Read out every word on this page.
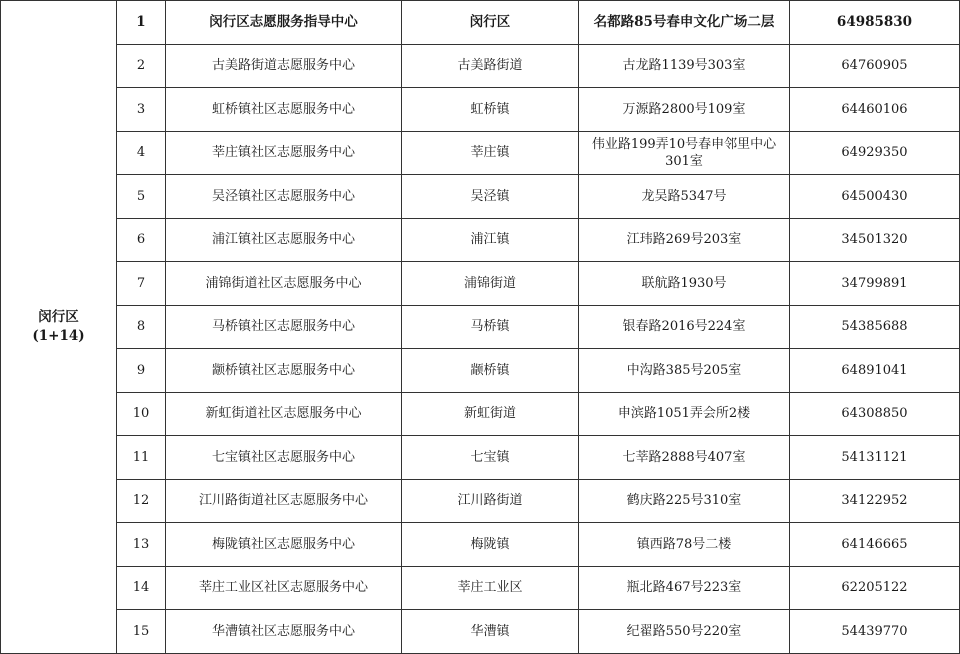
闵行区
(1+14)	1	闵行区志愿服务指导中心	闵行区	名都路85号春申文化广场二层	64985830
	2	古美路街道志愿服务中心	古美路街道	古龙路1139号303室	64760905
	3	虹桥镇社区志愿服务中心	虹桥镇	万源路2800号109室	64460106
	4	莘庄镇社区志愿服务中心	莘庄镇	伟业路199弄10号春申邻里中心301室	64929350
	5	吴泾镇社区志愿服务中心	吴泾镇	龙吴路5347号	64500430
	6	浦江镇社区志愿服务中心	浦江镇	江玮路269号203室	34501320
	7	浦锦街道社区志愿服务中心	浦锦街道	联航路1930号	34799891
	8	马桥镇社区志愿服务中心	马桥镇	银春路2016号224室	54385688
	9	颛桥镇社区志愿服务中心	颛桥镇	中沟路385号205室	64891041
	10	新虹街道社区志愿服务中心	新虹街道	申滨路1051弄会所2楼	64308850
	11	七宝镇社区志愿服务中心	七宝镇	七莘路2888号407室	54131121
	12	江川路街道社区志愿服务中心	江川路街道	鹤庆路225号310室	34122952
	13	梅陇镇社区志愿服务中心	梅陇镇	镇西路78号二楼	64146665
	14	莘庄工业区社区志愿服务中心	莘庄工业区	瓶北路467号223室	62205122
	15	华漕镇社区志愿服务中心	华漕镇	纪翟路550号220室	54439770
